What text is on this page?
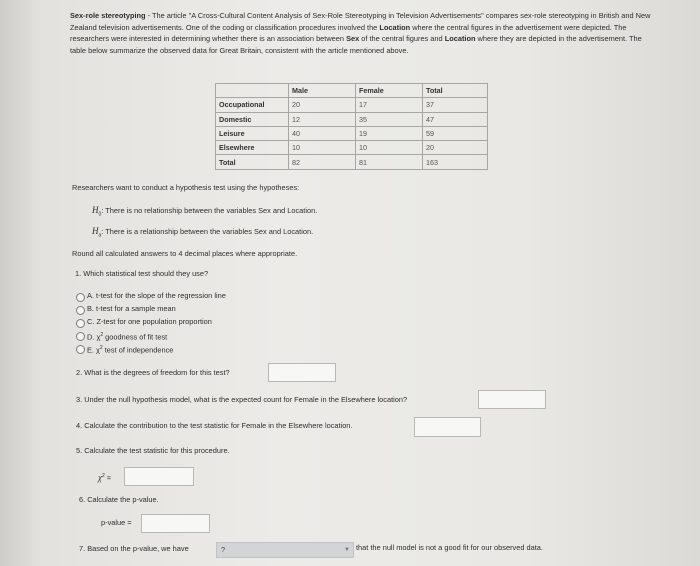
Sex-role stereotyping - The article "A Cross-Cultural Content Analysis of Sex-Role Stereotyping in Television Advertisements" compares sex-role stereotyping in British and New Zealand television advertisements. One of the coding or classification procedures involved the Location where the central figures in the advertisement were depicted. The researchers were interested in determining whether there is an association between Sex of the central figures and Location where they are depicted in the advertisement. The table below summarize the observed data for Great Britain, consistent with the article mentioned above.
	Male	Female	Total
Occupational	20	17	37
Domestic	12	35	47
Leisure	40	19	59
Elsewhere	10	10	20
Total	82	81	163
Researchers want to conduct a hypothesis test using the hypotheses:
$H_0$: There is no relationship between the variables Sex and Location.
$H_a$: There is a relationship between the variables Sex and Location.
Round all calculated answers to 4 decimal places where appropriate.
1. Which statistical test should they use?
A. t-test for the slope of the regression line
B. t-test for a sample mean
C. Z-test for one population proportion
D. $\chi^2$ goodness of fit test
E. $\chi^2$ test of independence
2. What is the degrees of freedom for this test?
3. Under the null hypothesis model, what is the expected count for Female in the Elsewhere location?
4. Calculate the contribution to the test statistic for Female in the Elsewhere location.
5. Calculate the test statistic for this procedure.
$\chi^2$ =
6. Calculate the p-value.
p-value =
7. Based on the p-value, we have	?	▼ that the null model is not a good fit for our observed data.
